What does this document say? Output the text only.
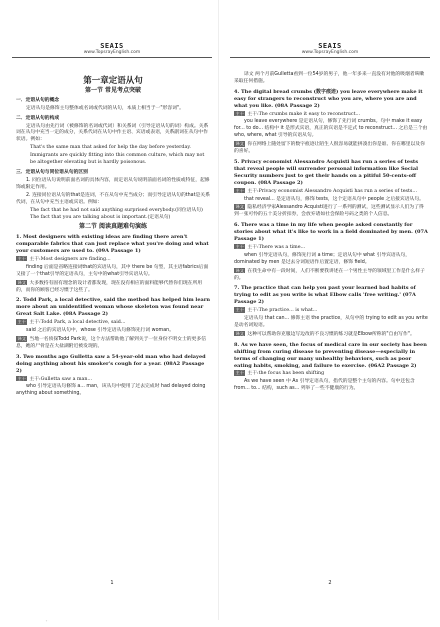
SEAIS
www.TopsrayEnglish.com
第一章定语从句
第一节 常见考点突破
一．定语从句的概念
定语从句是修饰主句整体或名词或代词的从句，本质上相当于一"形容词"。
二．定语从句的构成
定语从句由先行词（被修饰的名词或代词）和关系词（引导定语从句的词）构成。关系词在从句中充当一定的成分，关系代词在从句中作主语、宾语或表语，关系副词在从句中作状语。例如：
That's the same man that asked for help the day before yesterday.
Immigrants are quickly fitting into this common culture, which may not be altogether elevating but is hardly poisonous.
三．定语从句与同位语从句的区别
1. 同位语从句说明前面名词的具体内容，而定语从句说明前面名词的性质或特征，起修饰或限定作用。
2. 连接同位语从句的that是连词，不在从句中充当成分；而引导定语从句的that是关系代词，在从句中充当主语或宾语。例如：
The fact that he had not said anything surprised everybody.(同位语从句)
The fact that you are talking about is important.(定语从句)
第二节 阅读真题难句演练
1. Most designers with existing ideas are finding there aren't comparable fabrics that can just replace what you're doing and what your customers are used to. (09A Passage 1)
主干 主干:Most designers are finding...
finding 后面是省略连接词that的宾语从句，其中 there be 句型，其主语fabrics后面又接了一个that引导的定语从句，主句中的what引导宾语从句。
译文 大多数持有固有理念的设计者都发现，现在没有相应的面料能够代替你们现在所用的，而你的顾客已经习惯于这些了。
2. Todd Park, a local detective, said the method has helped him learn more about an unidentified woman whose skeleton was found near Great Salt Lake. (08A Passage 2)
主干 主干:Todd Park, a local detective, said...
said 之后的宾语从句中，whose 引导定语从句修饰先行词 woman。
译文 当地一名侦探Todd Park说，这个方法帮助他了解到关于一位身份不明女士的更多信息，她的尸骨是在大盐湖附近被发现的。
3. Two months ago Gulletta saw a 54-year-old man who had delayed doing anything about his smoker's cough for a year. (08A2 Passage 2)
主干 主干:Gulletta saw a man...
who 引导定语从句修饰 a... man，该从句中使用了过去完成时 had delayed doing anything about something。
1
SEAIS
www.TopsrayEnglish.com
译文 两个月前Gulletta看到一位54岁的男子，他一年多来一直没有对他的吸烟者咳嗽采取任何措施。
4. The digital bread crumbs (数字痕迹) you leave everywhere make it easy for strangers to reconstruct who you are, where you are and what you like. (08A Passage 2)
主干 主干:The crumbs make it easy to reconstruct...
you leave everywhere 是定语从句，修饰了先行词 crumbs。句中 make it easy for... to do... 结构中 it 是形式宾语，真正的宾语是不定式 to reconstruct... 之后是三个由 who, where, what 引导的宾语从句。
译文 你在网络上随处留下的数字痕迹让陌生人很容易就能拼凑出你是谁、你在哪里以及你的喜好。
5. Privacy economist Alessandro Acquisti has run a series of tests that reveal people will surrender personal information like Social Security numbers just to get their hands on a pitiful 50-cents-off coupon. (08A Passage 2)
主干 主干:Privacy economist Alessandro Acquisti has run a series of tests...
that reveal... 是定语从句，修饰 tests，这个定语从句中 people 之后接宾语从句。
译文 隐私经济学家Alessandro Acquisti进行了一系列的测试，这些测试显示人们为了得到一张可怜的五十美分折扣券，会放弃诸如社会保险号码之类的个人信息。
6. There was a time in my life when people asked constantly for stories about what it's like to work in a field dominated by men. (07A Passage 1)
主干 主干:There was a time...
when 引导定语从句，修饰先行词 a time；定语从句中 what 引导宾语从句，dominated by men 是过去分词短语作后置定语，修饰 field。
译文 在我生命中有一段时间，人们不断要我讲述在一个男性主导的领域里工作是什么样子的。
7. The practice that can help you past your learned bad habits of trying to edit as you write is what Elbow calls 'free writing.' (07A Passage 2)
主干 主干:The practice... is what...
定语从句 that can... 修饰主语 the practice，从句中的 trying to edit as you write 是动名词短语。
译文 这种可以帮助你克服边写边改的不良习惯的练习就是Elbow所称的"自由写作"。
8. As we have seen, the focus of medical care in our society has been shifting from curing disease to preventing disease—especially in terms of changing our many unhealthy behaviors, such as poor eating habits, smoking, and failure to exercise. (06A2 Passage 2)
主干 主干:the focus has been shifting
As we have seen 中 As 引导定语从句，指代的是整个主句的内容。句中还包含 from... to... 结构，such as... 列举了一些不健康的行为。
2
